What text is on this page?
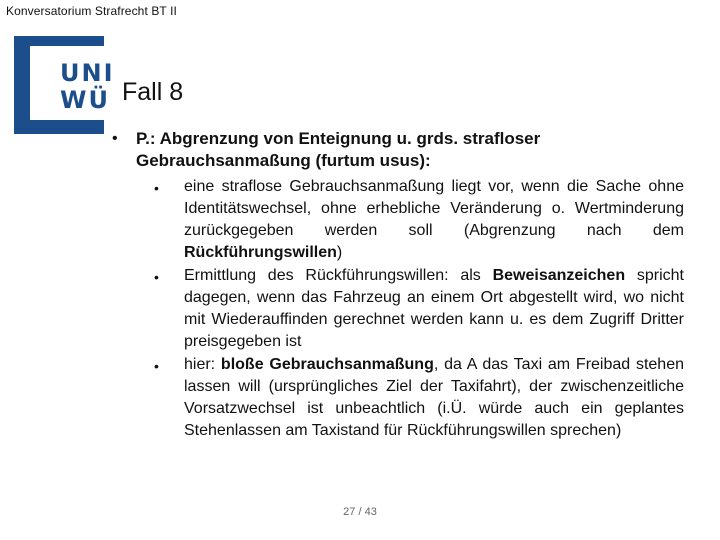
Konversatorium Strafrecht BT II
UNI
WÜ Fall 8
•	P.: Abgrenzung von Enteignung u. grds. strafloser Gebrauchsanmaßung (furtum usus):
•	eine straflose Gebrauchsanmaßung liegt vor, wenn die Sache ohne Identitätswechsel, ohne erhebliche Veränderung o. Wertminderung zurückgegeben werden soll (Abgrenzung nach dem Rückführungswillen)
•	Ermittlung des Rückführungswillen: als Beweisanzeichen spricht dagegen, wenn das Fahrzeug an einem Ort abgestellt wird, wo nicht mit Wiederauffinden gerechnet werden kann u. es dem Zugriff Dritter preisgegeben ist
•	hier: bloße Gebrauchsanmaßung, da A das Taxi am Freibad stehen lassen will (ursprüngliches Ziel der Taxifahrt), der zwischenzeitliche Vorsatzwechsel ist unbeachtlich (i.Ü. würde auch ein geplantes Stehenlassen am Taxistand für Rückführungswillen sprechen)
27 / 43
